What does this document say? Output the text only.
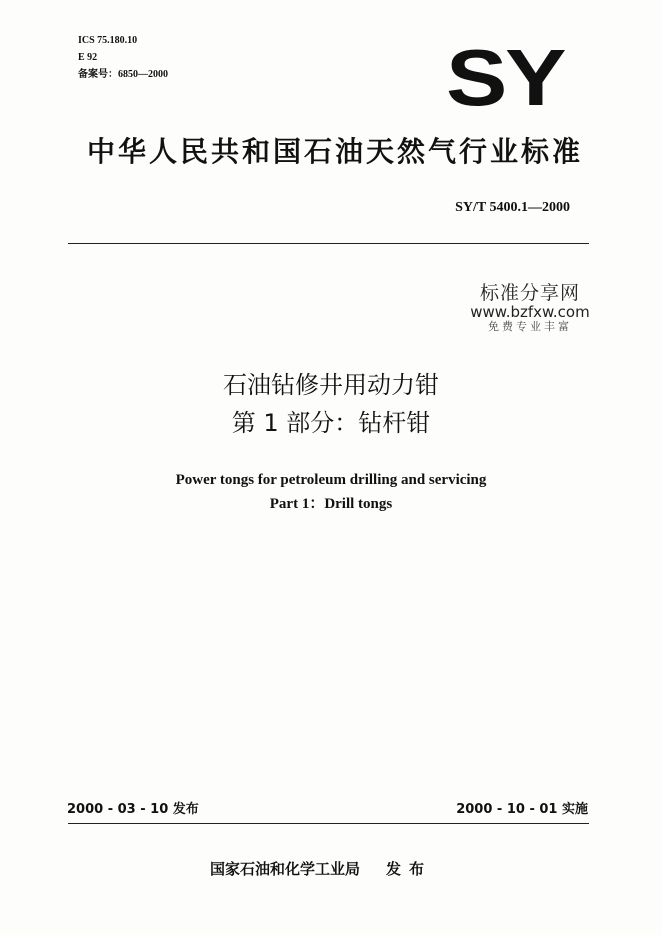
ICS 75.180.10
E 92
备案号：6850—2000	SY
中华人民共和国石油天然气行业标准
SY/T 5400.1—2000
标准分享网
www.bzfxw.com
免费专业丰富
石油钻修井用动力钳
第 1 部分：钻杆钳
Power tongs for petroleum drilling and servicing
Part 1：Drill tongs
2000 - 03 - 10 发布	2000 - 10 - 01 实施
国家石油和化学工业局 发布
